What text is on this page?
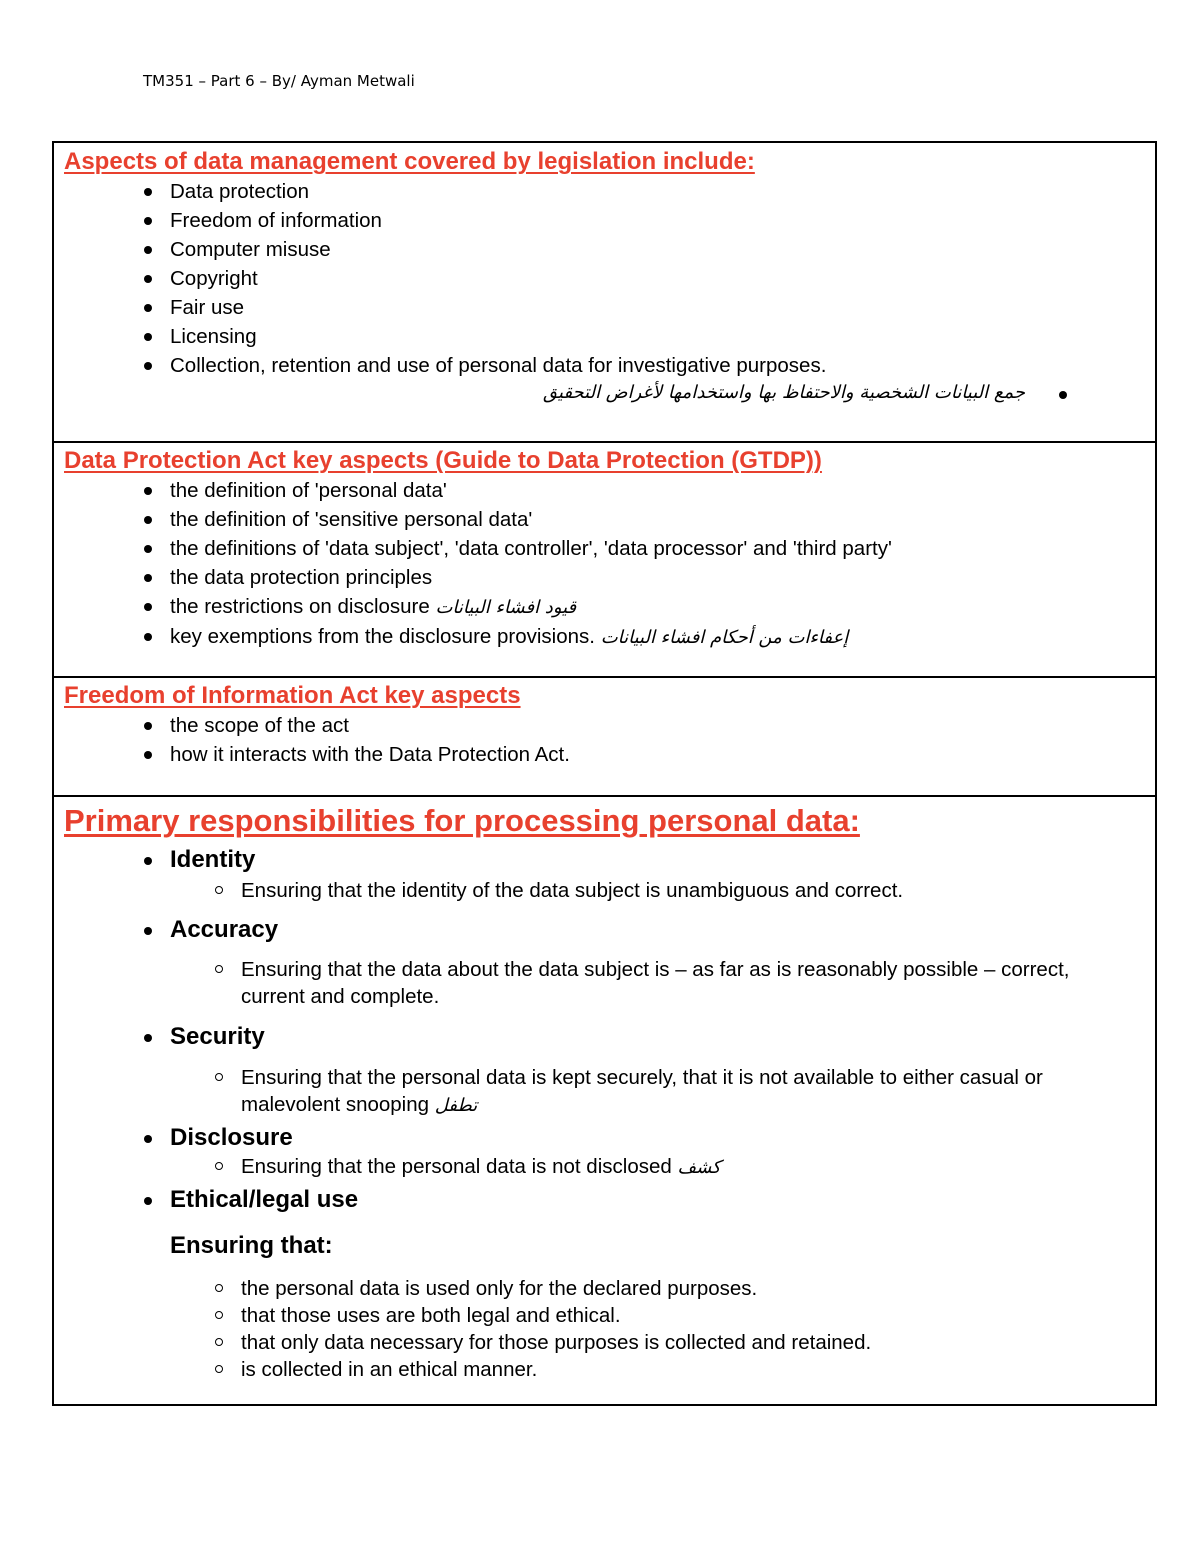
TM351 – Part 6 – By/ Ayman Metwali
Aspects of data management covered by legislation include:
Data protection
Freedom of information
Computer misuse
Copyright
Fair use
Licensing
Collection, retention and use of personal data for investigative purposes.
جمع البيانات الشخصية والاحتفاظ بها واستخدامها لأغراض التحقيق
Data Protection Act key aspects (Guide to Data Protection (GTDP))
the definition of 'personal data'
the definition of 'sensitive personal data'
the definitions of 'data subject', 'data controller', 'data processor' and 'third party'
the data protection principles
the restrictions on disclosure قيود افشاء البيانات
key exemptions from the disclosure provisions. إعفاءات من أحكام افشاء البيانات
Freedom of Information Act key aspects
the scope of the act
how it interacts with the Data Protection Act.
Primary responsibilities for processing personal data:
Identity
Ensuring that the identity of the data subject is unambiguous and correct.
Accuracy
Ensuring that the data about the data subject is – as far as is reasonably possible – correct, current and complete.
Security
Ensuring that the personal data is kept securely, that it is not available to either casual or malevolent snooping تطفل
Disclosure
Ensuring that the personal data is not disclosed كشف
Ethical/legal use
Ensuring that:
the personal data is used only for the declared purposes.
that those uses are both legal and ethical.
that only data necessary for those purposes is collected and retained.
is collected in an ethical manner.
